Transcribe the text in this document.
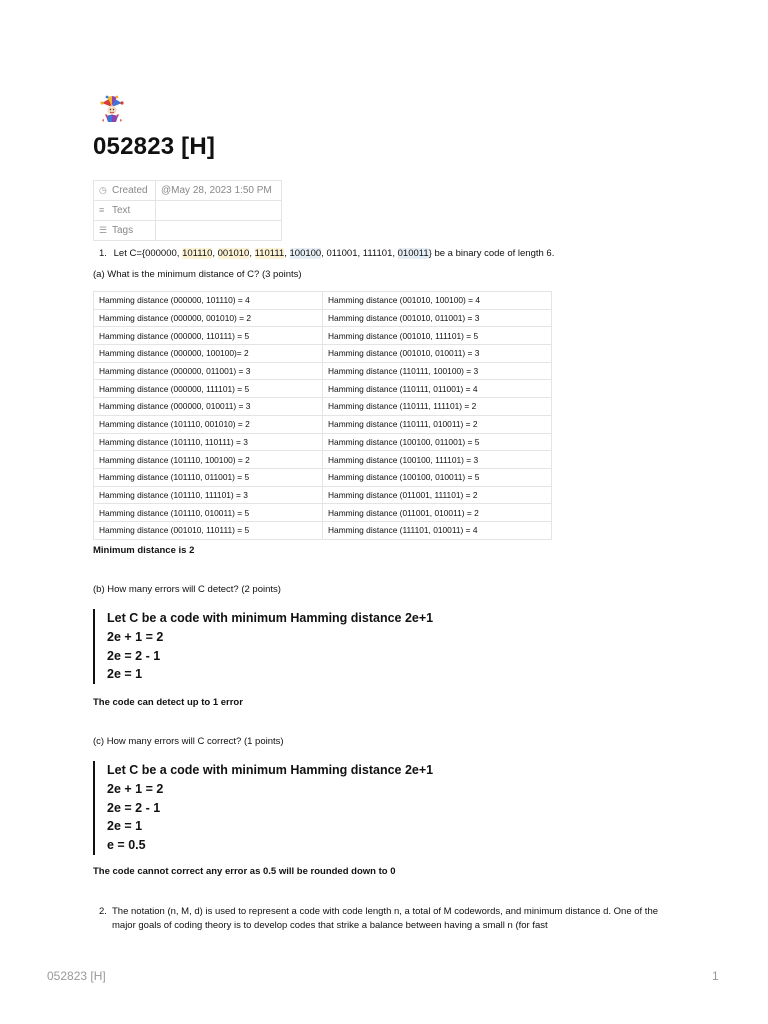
052823 [H]
◷ Created	@May 28, 2023 1:50 PM
≡ Text	
☰ Tags	
1. Let C={000000, 101110, 001010, 110111, 100100, 011001, 111101, 010011} be a binary code of length 6.

(a) What is the minimum distance of C? (3 points)

Hamming distance (000000, 101110) = 4	Hamming distance (001010, 100100) = 4
Hamming distance (000000, 001010) = 2	Hamming distance (001010, 011001) = 3
Hamming distance (000000, 110111) = 5	Hamming distance (001010, 111101) = 5
Hamming distance (000000, 100100)= 2	Hamming distance (001010, 010011) = 3
Hamming distance (000000, 011001) = 3	Hamming distance (110111, 100100) = 3
Hamming distance (000000, 111101) = 5	Hamming distance (110111, 011001) = 4
Hamming distance (000000, 010011) = 3	Hamming distance (110111, 111101) = 2
Hamming distance (101110, 001010) = 2	Hamming distance (110111, 010011) = 2
Hamming distance (101110, 110111) = 3	Hamming distance (100100, 011001) = 5
Hamming distance (101110, 100100) = 2	Hamming distance (100100, 111101) = 3
Hamming distance (101110, 011001) = 5	Hamming distance (100100, 010011) = 5
Hamming distance (101110, 111101) = 3	Hamming distance (011001, 111101) = 2
Hamming distance (101110, 010011) = 5	Hamming distance (011001, 010011) = 2
Hamming distance (001010, 110111) = 5	Hamming distance (111101, 010011) = 4

Minimum distance is 2

(b) How many errors will C detect? (2 points)

Let C be a code with minimum Hamming distance 2e+1
2e + 1 = 2
2e = 2 - 1
2e = 1

The code can detect up to 1 error

(c) How many errors will C correct? (1 points)

Let C be a code with minimum Hamming distance 2e+1
2e + 1 = 2
2e = 2 - 1
2e = 1
e = 0.5

The code cannot correct any error as 0.5 will be rounded down to 0

2. The notation (n, M, d) is used to represent a code with code length n, a total of M codewords, and minimum distance d. One of the major goals of coding theory is to develop codes that strike a balance between having a small n (for fast
052823 [H]	1
